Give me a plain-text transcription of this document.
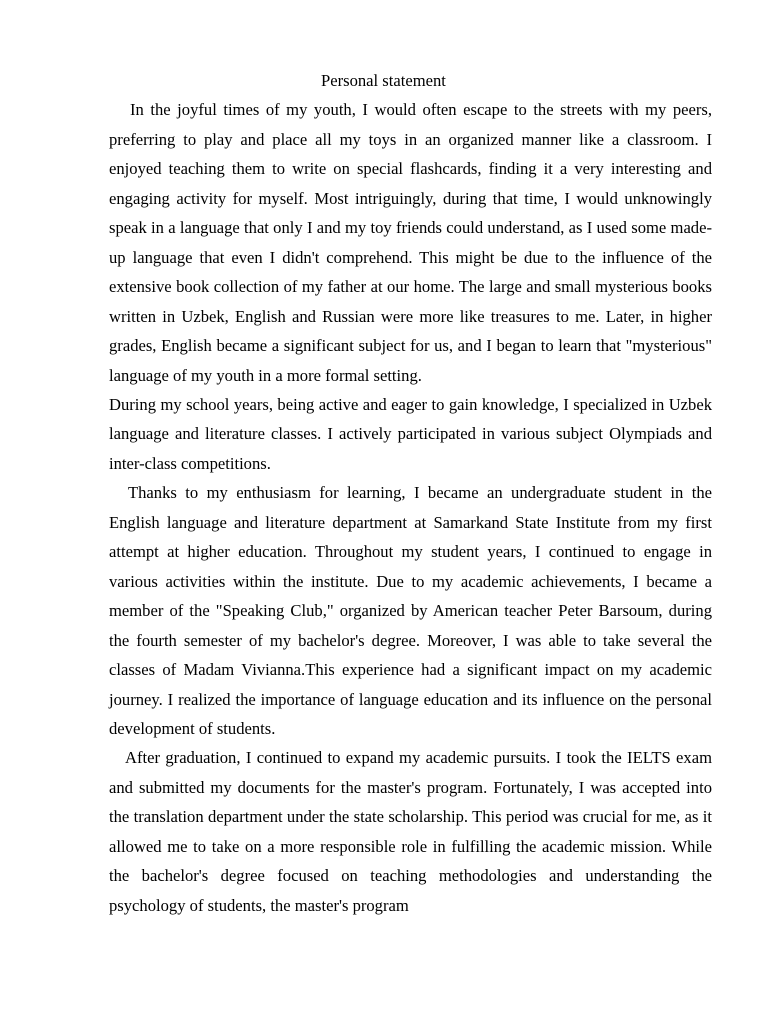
Personal statement

In the joyful times of my youth, I would often escape to the streets with my peers, preferring to play and place all my toys in an organized manner like a classroom. I enjoyed teaching them to write on special flashcards, finding it a very interesting and engaging activity for myself. Most intriguingly, during that time, I would unknowingly speak in a language that only I and my toy friends could understand, as I used some made-up language that even I didn't comprehend. This might be due to the influence of the extensive book collection of my father at our home. The large and small mysterious books written in Uzbek, English and Russian were more like treasures to me. Later, in higher grades, English became a significant subject for us, and I began to learn that "mysterious" language of my youth in a more formal setting.

During my school years, being active and eager to gain knowledge, I specialized in Uzbek language and literature classes. I actively participated in various subject Olympiads and inter-class competitions.

Thanks to my enthusiasm for learning, I became an undergraduate student in the English language and literature department at Samarkand State Institute from my first attempt at higher education. Throughout my student years, I continued to engage in various activities within the institute. Due to my academic achievements, I became a member of the "Speaking Club," organized by American teacher Peter Barsoum, during the fourth semester of my bachelor's degree. Moreover, I was able to take several the classes of Madam Vivianna.This experience had a significant impact on my academic journey. I realized the importance of language education and its influence on the personal development of students.

After graduation, I continued to expand my academic pursuits. I took the IELTS exam and submitted my documents for the master's program. Fortunately, I was accepted into the translation department under the state scholarship. This period was crucial for me, as it allowed me to take on a more responsible role in fulfilling the academic mission. While the bachelor's degree focused on teaching methodologies and understanding the psychology of students, the master's program
